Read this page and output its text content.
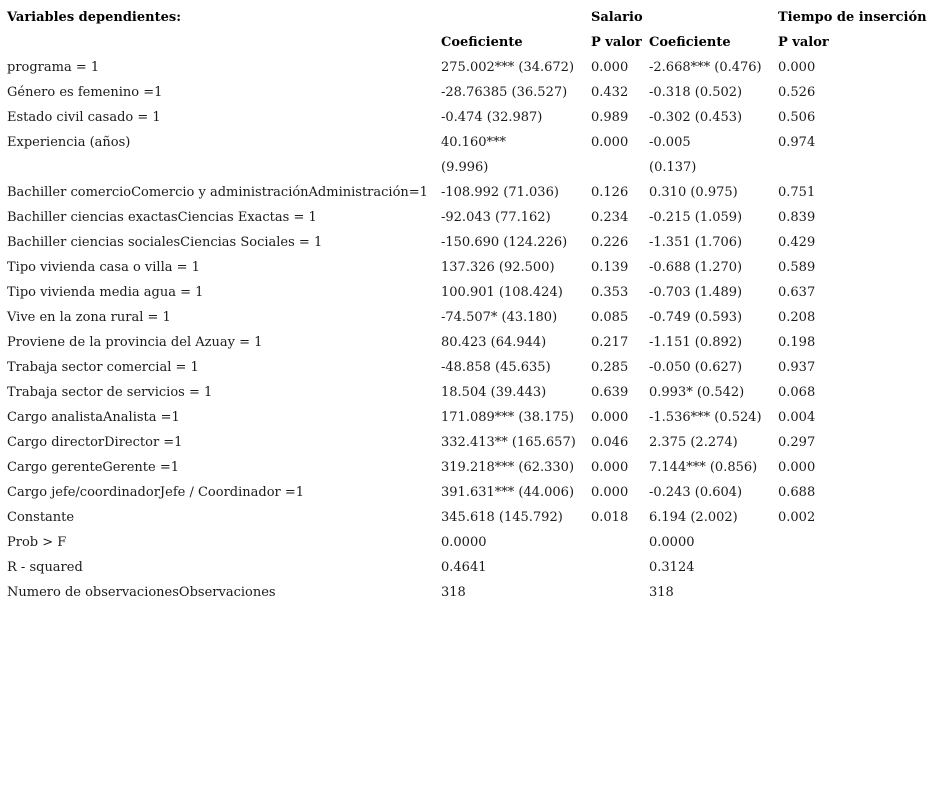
Variables dependientes:		Salario		Tiempo de inserción
	Coeficiente	P valor	Coeficiente	P valor
programa = 1	275.002*** (34.672)	0.000	-2.668*** (0.476)	0.000
Género es femenino =1	-28.76385 (36.527)	0.432	-0.318 (0.502)	0.526
Estado civil casado = 1	-0.474 (32.987)	0.989	-0.302 (0.453)	0.506
Experiencia (años)	40.160***	0.000	-0.005	0.974
	(9.996)		(0.137)	
Bachiller comercioComercio y administraciónAdministración=1	-108.992 (71.036)	0.126	0.310 (0.975)	0.751
Bachiller ciencias exactasCiencias Exactas = 1	-92.043 (77.162)	0.234	-0.215 (1.059)	0.839
Bachiller ciencias socialesCiencias Sociales = 1	-150.690 (124.226)	0.226	-1.351 (1.706)	0.429
Tipo vivienda casa o villa = 1	137.326 (92.500)	0.139	-0.688 (1.270)	0.589
Tipo vivienda media agua = 1	100.901 (108.424)	0.353	-0.703 (1.489)	0.637
Vive en la zona rural = 1	-74.507* (43.180)	0.085	-0.749 (0.593)	0.208
Proviene de la provincia del Azuay = 1	80.423 (64.944)	0.217	-1.151 (0.892)	0.198
Trabaja sector comercial = 1	-48.858 (45.635)	0.285	-0.050 (0.627)	0.937
Trabaja sector de servicios = 1	18.504 (39.443)	0.639	0.993* (0.542)	0.068
Cargo analistaAnalista =1	171.089*** (38.175)	0.000	-1.536*** (0.524)	0.004
Cargo directorDirector =1	332.413** (165.657)	0.046	2.375 (2.274)	0.297
Cargo gerenteGerente =1	319.218*** (62.330)	0.000	7.144*** (0.856)	0.000
Cargo jefe/coordinadorJefe / Coordinador =1	391.631*** (44.006)	0.000	-0.243 (0.604)	0.688
Constante	345.618 (145.792)	0.018	6.194 (2.002)	0.002
Prob > F	0.0000		0.0000	
R - squared	0.4641		0.3124	
Numero de observacionesObservaciones	318		318	
